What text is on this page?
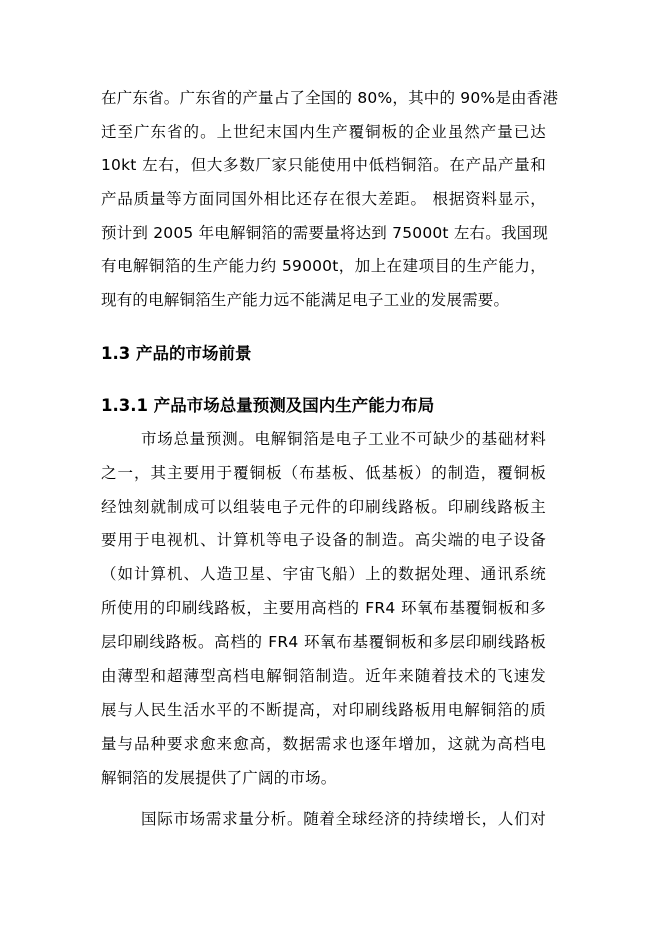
在广东省。广东省的产量占了全国的 80%，其中的 90%是由香港
迁至广东省的。上世纪末国内生产覆铜板的企业虽然产量已达
10kt 左右，但大多数厂家只能使用中低档铜箔。在产品产量和
产品质量等方面同国外相比还存在很大差距。 根据资料显示，
预计到 2005 年电解铜箔的需要量将达到 75000t 左右。我国现
有电解铜箔的生产能力约 59000t，加上在建项目的生产能力，
现有的电解铜箔生产能力远不能满足电子工业的发展需要。
1.3 产品的市场前景
1.3.1 产品市场总量预测及国内生产能力布局
市场总量预测。电解铜箔是电子工业不可缺少的基础材料
之一，其主要用于覆铜板（布基板、低基板）的制造，覆铜板
经蚀刻就制成可以组装电子元件的印刷线路板。印刷线路板主
要用于电视机、计算机等电子设备的制造。高尖端的电子设备
（如计算机、人造卫星、宇宙飞船）上的数据处理、通讯系统
所使用的印刷线路板，主要用高档的 FR4 环氧布基覆铜板和多
层印刷线路板。高档的 FR4 环氧布基覆铜板和多层印刷线路板
由薄型和超薄型高档电解铜箔制造。近年来随着技术的飞速发
展与人民生活水平的不断提高，对印刷线路板用电解铜箔的质
量与品种要求愈来愈高，数据需求也逐年增加，这就为高档电
解铜箔的发展提供了广阔的市场。
国际市场需求量分析。随着全球经济的持续增长，人们对
